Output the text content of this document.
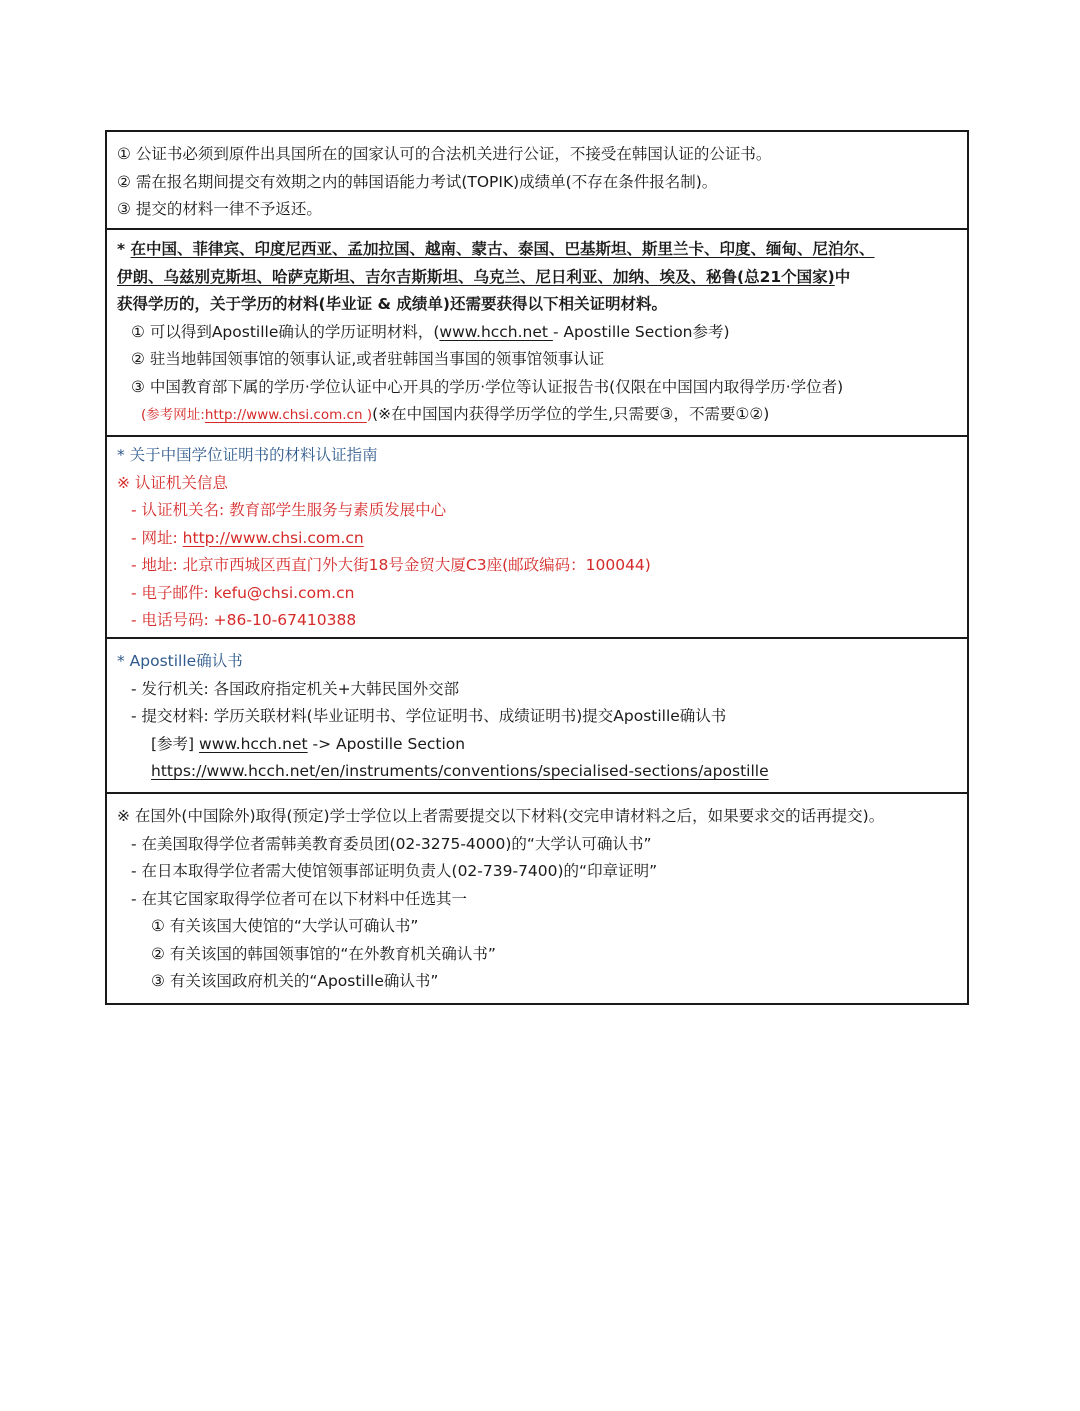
① 公证书必须到原件出具国所在的国家认可的合法机关进行公证，不接受在韩国认证的公证书。
② 需在报名期间提交有效期之内的韩国语能力考试(TOPIK)成绩单(不存在条件报名制)。
③ 提交的材料一律不予返还。
* 在中国、菲律宾、印度尼西亚、孟加拉国、越南、蒙古、泰国、巴基斯坦、斯里兰卡、印度、缅甸、尼泊尔、
伊朗、乌兹别克斯坦、哈萨克斯坦、吉尔吉斯斯坦、乌克兰、尼日利亚、加纳、埃及、秘鲁(总21个国家)中
获得学历的，关于学历的材料(毕业证 & 成绩单)还需要获得以下相关证明材料。
① 可以得到Apostille确认的学历证明材料，(www.hcch.net - Apostille Section参考)
② 驻当地韩国领事馆的领事认证,或者驻韩国当事国的领事馆领事认证
③ 中国教育部下属的学历·学位认证中心开具的学历·学位等认证报告书(仅限在中国国内取得学历·学位者)
(参考网址:http://www.chsi.com.cn )(※在中国国内获得学历学位的学生,只需要③，不需要①②)
* 关于中国学位证明书的材料认证指南
※ 认证机关信息
- 认证机关名: 教育部学生服务与素质发展中心
- 网址: http://www.chsi.com.cn
- 地址: 北京市西城区西直门外大街18号金贸大厦C3座(邮政编码：100044)
- 电子邮件: kefu@chsi.com.cn
- 电话号码: +86-10-67410388
* Apostille确认书
- 发行机关: 各国政府指定机关+大韩民国外交部
- 提交材料: 学历关联材料(毕业证明书、学位证明书、成绩证明书)提交Apostille确认书
[参考] www.hcch.net -> Apostille Section
https://www.hcch.net/en/instruments/conventions/specialised-sections/apostille
※ 在国外(中国除外)取得(预定)学士学位以上者需要提交以下材料(交完申请材料之后，如果要求交的话再提交)。
- 在美国取得学位者需韩美教育委员团(02-3275-4000)的“大学认可确认书”
- 在日本取得学位者需大使馆领事部证明负责人(02-739-7400)的“印章证明”
- 在其它国家取得学位者可在以下材料中任选其一
① 有关该国大使馆的“大学认可确认书”
② 有关该国的韩国领事馆的“在外教育机关确认书”
③ 有关该国政府机关的“Apostille确认书”
